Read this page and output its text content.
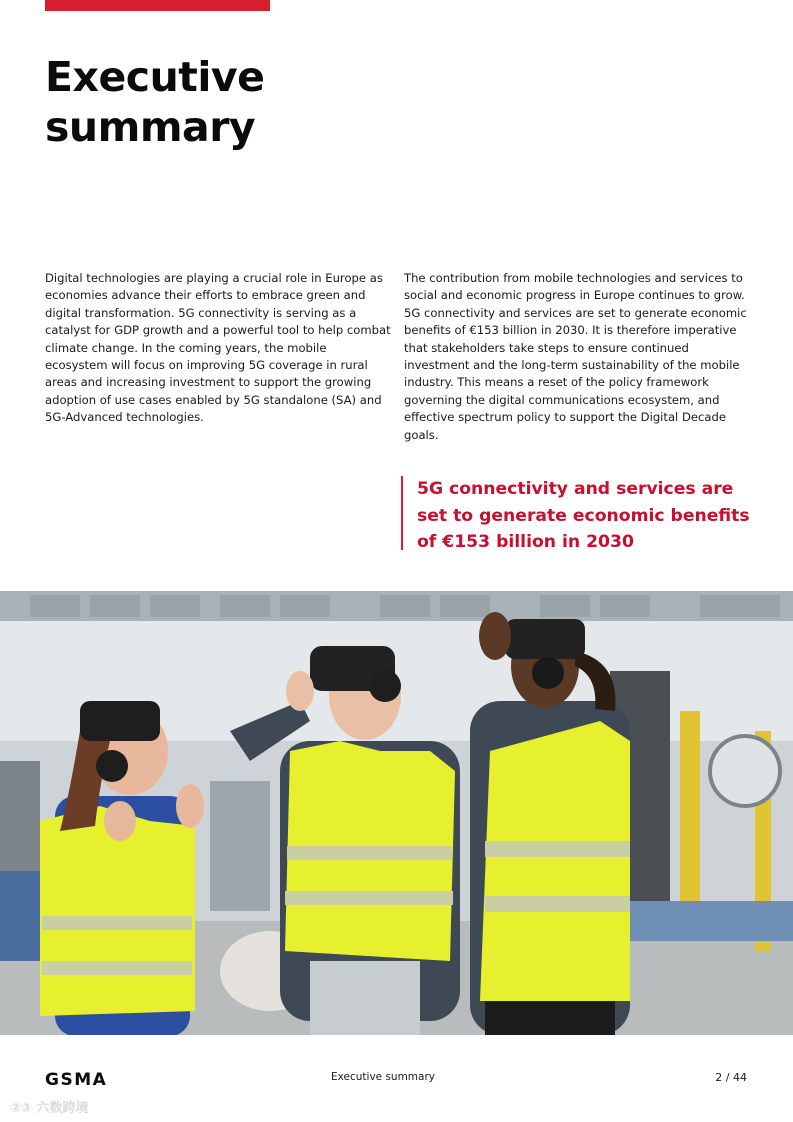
Executive
summary

Digital technologies are playing a crucial role in Europe as economies advance their efforts to embrace green and digital transformation. 5G connectivity is serving as a catalyst for GDP growth and a powerful tool to help combat climate change. In the coming years, the mobile ecosystem will focus on improving 5G coverage in rural areas and increasing investment to support the growing adoption of use cases enabled by 5G standalone (SA) and 5G-Advanced technologies.

The contribution from mobile technologies and services to social and economic progress in Europe continues to grow. 5G connectivity and services are set to generate economic benefits of €153 billion in 2030. It is therefore imperative that stakeholders take steps to ensure continued investment and the long-term sustainability of the mobile industry. This means a reset of the policy framework governing the digital communications ecosystem, and effective spectrum policy to support the Digital Decade goals.

5G connectivity and services are set to generate economic benefits of €153 billion in 2030

GSMA	Executive summary	2 / 44
②③ 六数跨境
